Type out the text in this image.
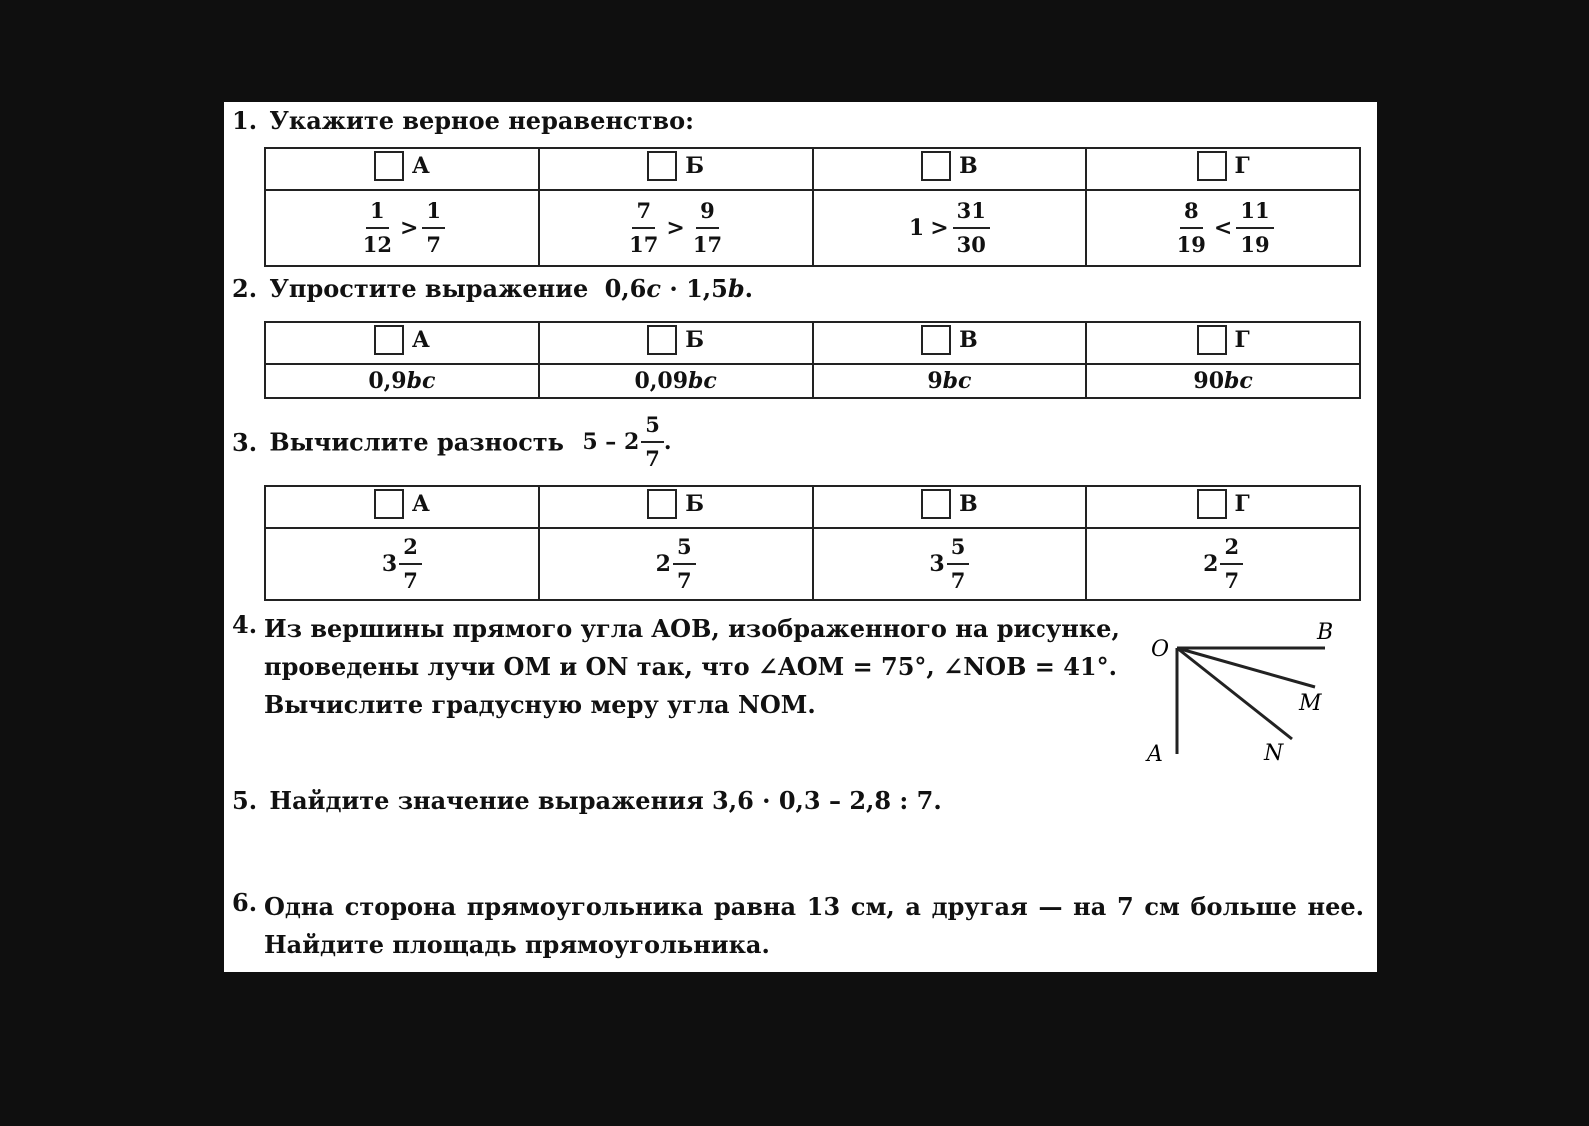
1. Укажите верное неравенство:
А	Б	В	Г

$\frac{1}{12} > \frac{1}{7}$	$\frac{7}{17} > \frac{9}{17}$	$1 > \frac{31}{30}$	$\frac{8}{19} < \frac{11}{19}$
2. Упростите выражение 0,6c · 1,5b.
А	Б	В	Г

0,9bc	0,09bc	9bc	90bc
3. Вычислите разность $5 - 2 \frac{5}{7}$ .
А	Б	В	Г

$3 \frac{2}{7}$	$2 \frac{5}{7}$	$3 \frac{5}{7}$	$2 \frac{2}{7}$
4. Из вершины прямого угла AOB, изображенного на рисунке,
проведены лучи OM и ON так, что ∠AOM = 75°, ∠NOB = 41°.
Вычислите градусную меру угла NOM.
O
B
M
A	N
5. Найдите значение выражения 3,6 · 0,3 – 2,8 : 7.
6. Одна сторона прямоугольника равна 13 см, а другая — на 7 см больше нее.
Найдите площадь прямоугольника.
